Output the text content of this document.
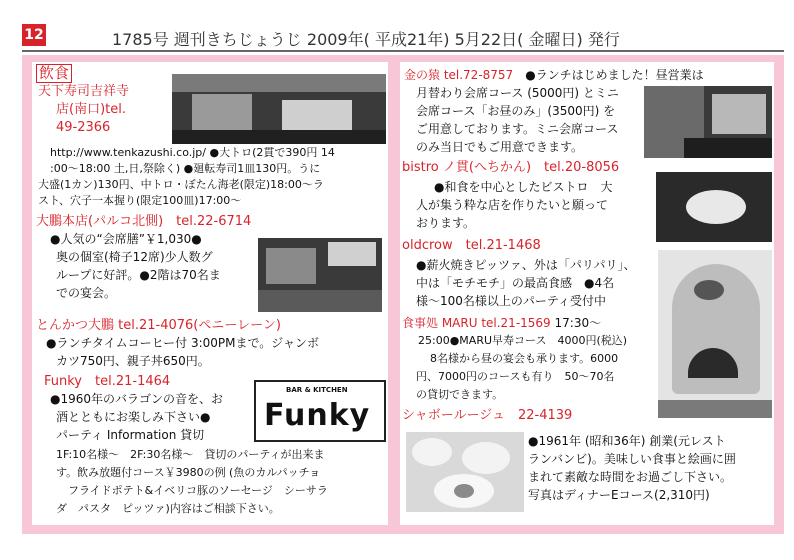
12	1785号 週刊きちじょうじ 2009年( 平成21年) 5月22日( 金曜日) 発行
飲食
天下寿司吉祥寺
店(南口)tel.
49-2366
http://www.tenkazushi.co.jp/ ●大トロ(2貫で390円 14
:00～18:00 土,日,祭除く) ●廻転寿司1皿130円。うに
大盛(1カン)130円、中トロ・ぼたん海老(限定)18:00～ラ
スト、穴子一本握り(限定100皿)17:00～
大鵬本店(パルコ北側)　tel.22-6714
●人気の“会席膳”￥1,030●
奥の個室(椅子12席)少人数グ
ループに好評。●2階は70名ま
での宴会。
とんかつ大鵬 tel.21-4076(ペニーレーン)
●ランチタイムコーヒー付 3:00PMまで。ジャンボ
カツ750円、親子丼650円。
Funky　tel.21-1464
●1960年のバラゴンの音を、お
酒とともにお楽しみ下さい●
パーティ Information 貸切
1F:10名様～　2F:30名様～　貸切のパーティが出来ま
す。飲み放題付コース￥3980の例 (魚のカルパッチョ
フライドポテト&イベリコ豚のソーセージ　シーサラ
ダ　パスタ　ピッツァ)内容はご相談下さい。
BAR & KITCHEN
Funky
金の猿 tel.72-8757　●ランチはじめました！昼営業は
月替わり会席コース (5000円) とミニ
会席コース「お昼のみ」(3500円) を
ご用意しております。ミニ会席コース
のみ当日でもご用意できます。
bistro ノ貫(へちかん)　tel.20-8056
●和食を中心としたビストロ　大
人が集う粋な店を作りたいと願って
おります。
oldcrow　tel.21-1468
●薪火焼きピッツァ、外は「パリパリ」、
中は「モチモチ」の最高食感　●4名
様～100名様以上のパーティ受付中
食事処 MARU tel.21-1569 17:30～
25:00●MARU早寿コース　4000円(税込)
8名様から昼の宴会も承ります。6000
円、7000円のコースも有り　50～70名
の貸切できます。
シャボールージュ　22-4139
●1961年 (昭和36年) 創業(元レスト
ランバンビ)。美味しい食事と絵画に囲
まれて素敵な時間をお過ごし下さい。
写真はディナーEコース(2,310円)
